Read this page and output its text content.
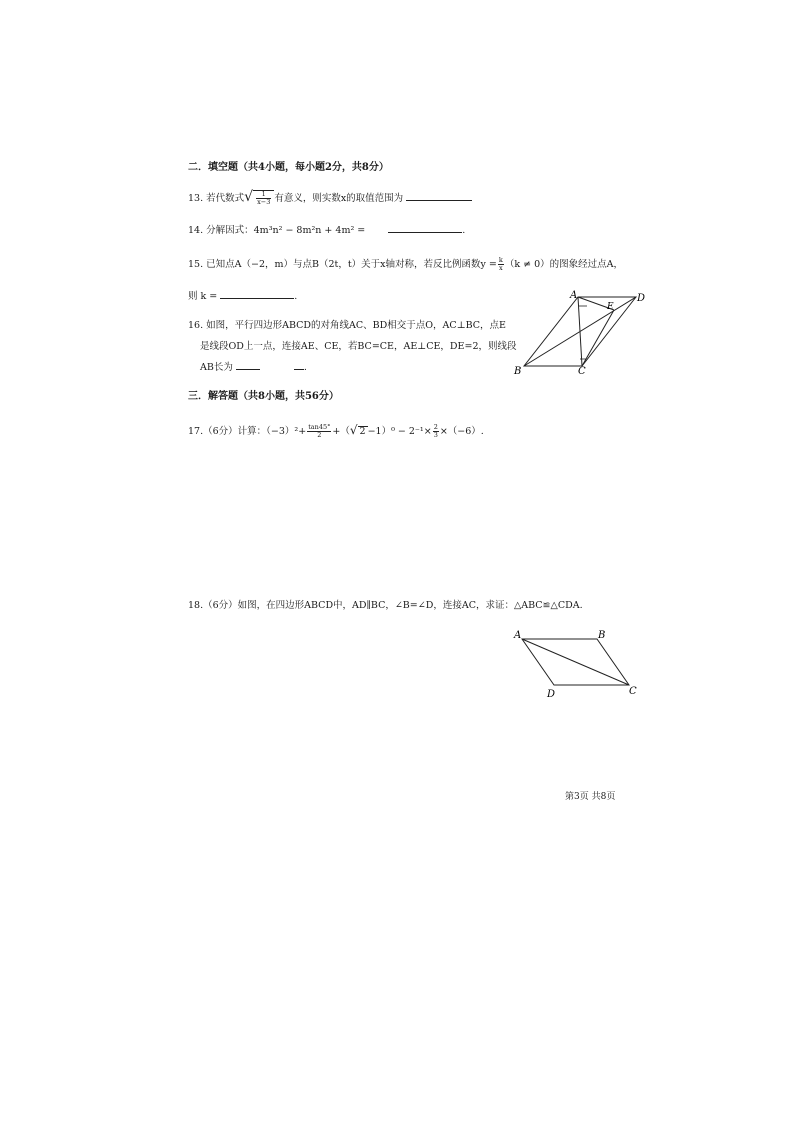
二．填空题（共4小题，每小题2分，共8分）
13. 若代数式√ $\frac{1}{x-3}$ 有意义，则实数x的取值范围为
14. 分解因式：4m³n² − 8m²n + 4m² =	.
15. 已知点A（−2，m）与点B（2t，t）关于x轴对称，若反比例函数$y = \frac{k}{x} (k \ne 0)$的图象经过点A，
则 k =	.
16. 如图，平行四边形ABCD的对角线AC、BD相交于点O，AC⊥BC，点E
是线段OD上一点，连接AE、CE，若BC=CE，AE⊥CE，DE=2，则线段
AB长为	.
A	D
B	C
E
三．解答题（共8小题，共56分）
17.（6分）计算：$(-3)^2+ \frac{\tan 45^\circ}{2}$ +（√ $2 -1)^0 - 2^{-1}\times \frac{2}{3} \times(-6)$.
18.（6分）如图，在四边形ABCD中，AD∥BC，∠B=∠D，连接AC，求证：△ABC≌△CDA.
A	B
C
D
第3页 共8页
